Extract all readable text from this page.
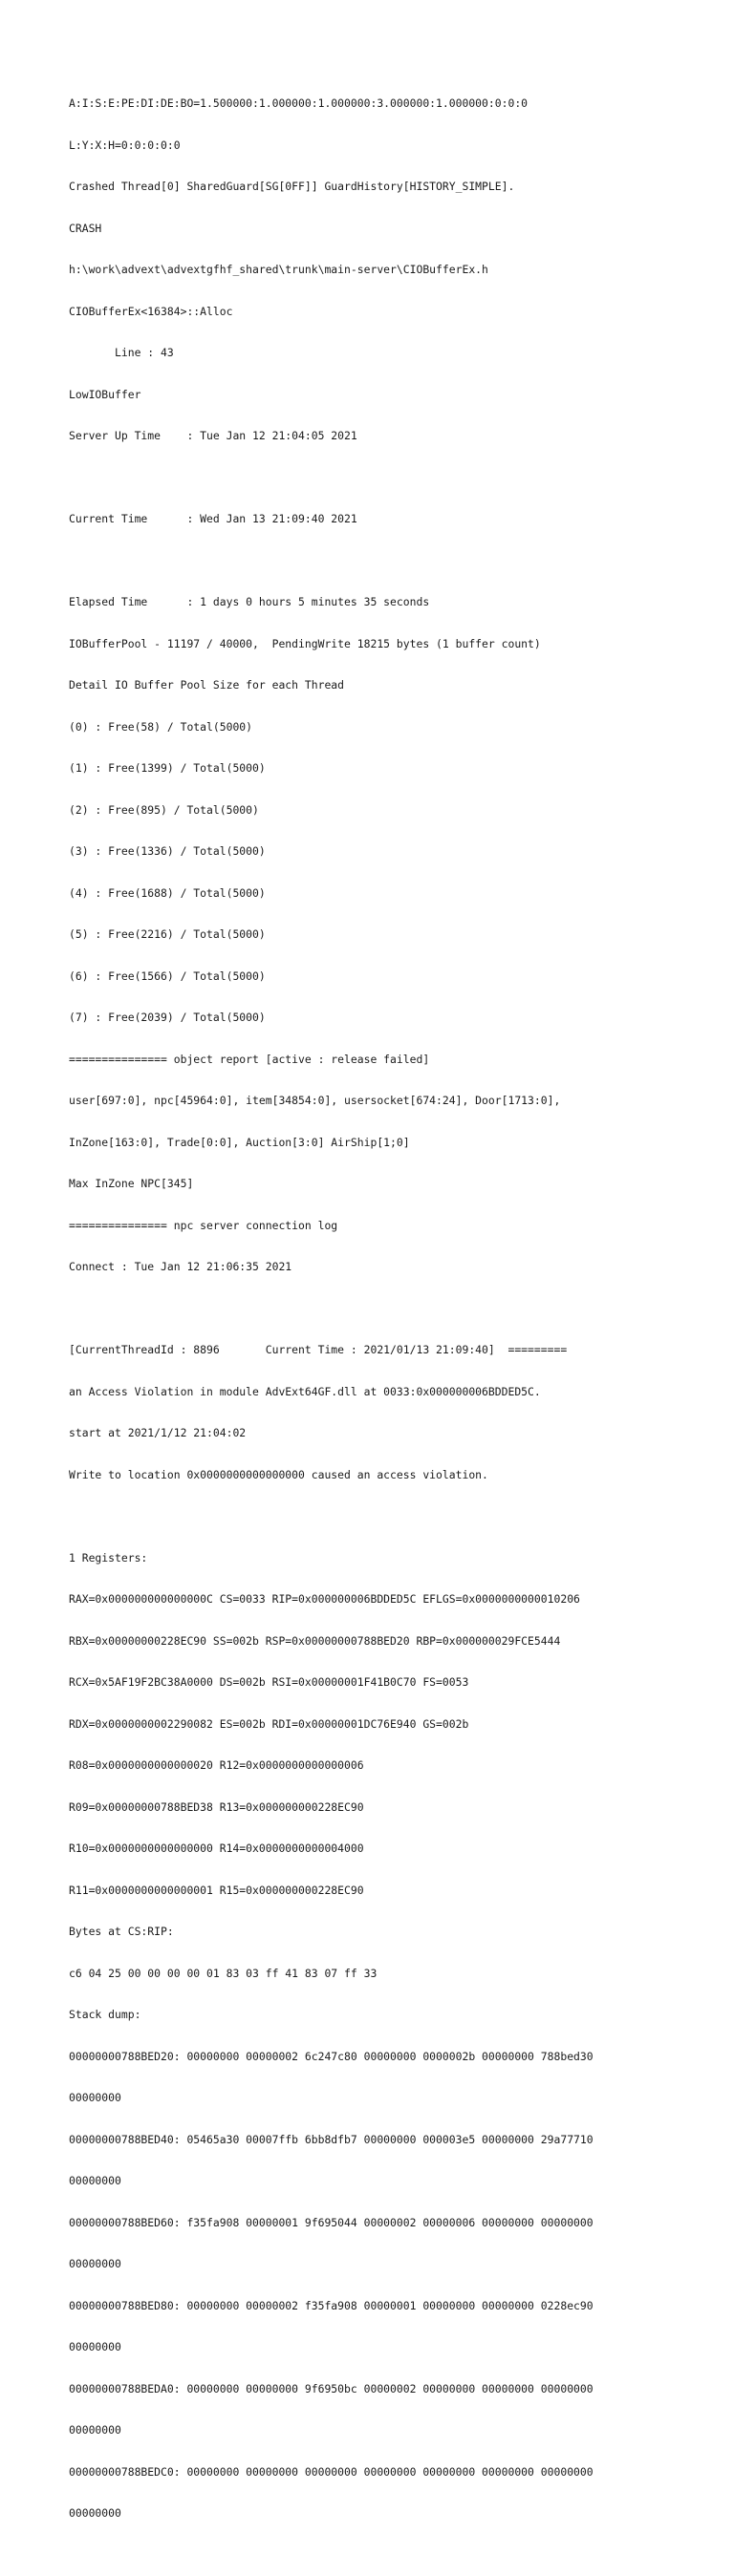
A:I:S:E:PE:DI:DE:BO=1.500000:1.000000:1.000000:3.000000:1.000000:0:0:0

L:Y:X:H=0:0:0:0:0

Crashed Thread[0] SharedGuard[SG[0FF]] GuardHistory[HISTORY_SIMPLE].

CRASH

h:\work\advext\advextgfhf_shared\trunk\main-server\CIOBufferEx.h

CIOBufferEx<16384>::Alloc

Line : 43

LowIOBuffer

Server Up Time    : Tue Jan 12 21:04:05 2021

Current Time      : Wed Jan 13 21:09:40 2021

Elapsed Time      : 1 days 0 hours 5 minutes 35 seconds

IOBufferPool - 11197 / 40000,  PendingWrite 18215 bytes (1 buffer count)

Detail IO Buffer Pool Size for each Thread

(0) : Free(58) / Total(5000)

(1) : Free(1399) / Total(5000)

(2) : Free(895) / Total(5000)

(3) : Free(1336) / Total(5000)

(4) : Free(1688) / Total(5000)

(5) : Free(2216) / Total(5000)

(6) : Free(1566) / Total(5000)

(7) : Free(2039) / Total(5000)

=============== object report [active : release failed]

user[697:0], npc[45964:0], item[34854:0], usersocket[674:24], Door[1713:0],

InZone[163:0], Trade[0:0], Auction[3:0] AirShip[1;0]

Max InZone NPC[345]

=============== npc server connection log

Connect : Tue Jan 12 21:06:35 2021

[CurrentThreadId : 8896       Current Time : 2021/01/13 21:09:40]  =========

an Access Violation in module AdvExt64GF.dll at 0033:0x000000006BDDED5C.

start at 2021/1/12 21:04:02

Write to location 0x0000000000000000 caused an access violation.

1 Registers:

RAX=0x000000000000000C CS=0033 RIP=0x000000006BDDED5C EFLGS=0x0000000000010206

RBX=0x00000000228EC90 SS=002b RSP=0x00000000788BED20 RBP=0x000000029FCE5444

RCX=0x5AF19F2BC38A0000 DS=002b RSI=0x00000001F41B0C70 FS=0053

RDX=0x0000000002290082 ES=002b RDI=0x00000001DC76E940 GS=002b

R08=0x0000000000000020 R12=0x0000000000000006

R09=0x00000000788BED38 R13=0x000000000228EC90

R10=0x0000000000000000 R14=0x0000000000004000

R11=0x0000000000000001 R15=0x000000000228EC90

Bytes at CS:RIP:

c6 04 25 00 00 00 00 01 83 03 ff 41 83 07 ff 33

Stack dump:

00000000788BED20: 00000000 00000002 6c247c80 00000000 0000002b 00000000 788bed30

00000000

00000000788BED40: 05465a30 00007ffb 6bb8dfb7 00000000 000003e5 00000000 29a77710

00000000

00000000788BED60: f35fa908 00000001 9f695044 00000002 00000006 00000000 00000000

00000000

00000000788BED80: 00000000 00000002 f35fa908 00000001 00000000 00000000 0228ec90

00000000

00000000788BEDA0: 00000000 00000000 9f6950bc 00000002 00000000 00000000 00000000

00000000

00000000788BEDC0: 00000000 00000000 00000000 00000000 00000000 00000000 00000000

00000000
